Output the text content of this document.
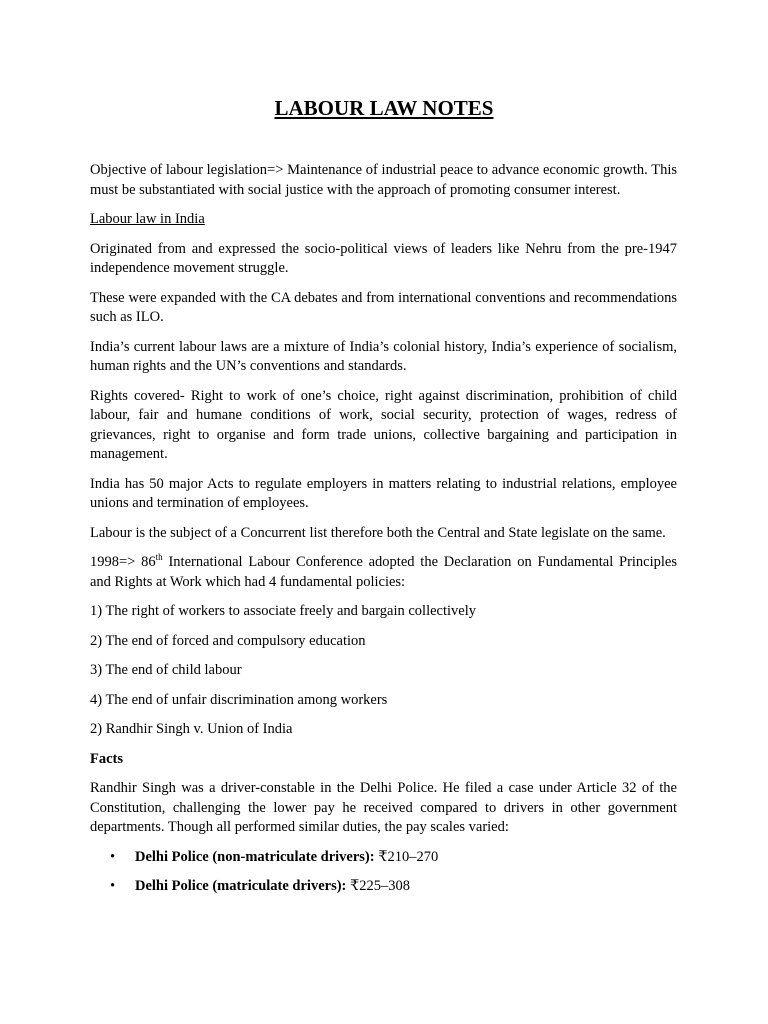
LABOUR LAW NOTES

Objective of labour legislation=> Maintenance of industrial peace to advance economic growth. This must be substantiated with social justice with the approach of promoting consumer interest.

Labour law in India

Originated from and expressed the socio-political views of leaders like Nehru from the pre-1947 independence movement struggle.

These were expanded with the CA debates and from international conventions and recommendations such as ILO.

India’s current labour laws are a mixture of India’s colonial history, India’s experience of socialism, human rights and the UN’s conventions and standards.

Rights covered- Right to work of one’s choice, right against discrimination, prohibition of child labour, fair and humane conditions of work, social security, protection of wages, redress of grievances, right to organise and form trade unions, collective bargaining and participation in management.

India has 50 major Acts to regulate employers in matters relating to industrial relations, employee unions and termination of employees.

Labour is the subject of a Concurrent list therefore both the Central and State legislate on the same.

1998=> 86th International Labour Conference adopted the Declaration on Fundamental Principles and Rights at Work which had 4 fundamental policies:

1) The right of workers to associate freely and bargain collectively

2) The end of forced and compulsory education

3) The end of child labour

4) The end of unfair discrimination among workers

2) Randhir Singh v. Union of India

Facts

Randhir Singh was a driver-constable in the Delhi Police. He filed a case under Article 32 of the Constitution, challenging the lower pay he received compared to drivers in other government departments. Though all performed similar duties, the pay scales varied:

• Delhi Police (non-matriculate drivers): ₹210–270
• Delhi Police (matriculate drivers): ₹225–308
